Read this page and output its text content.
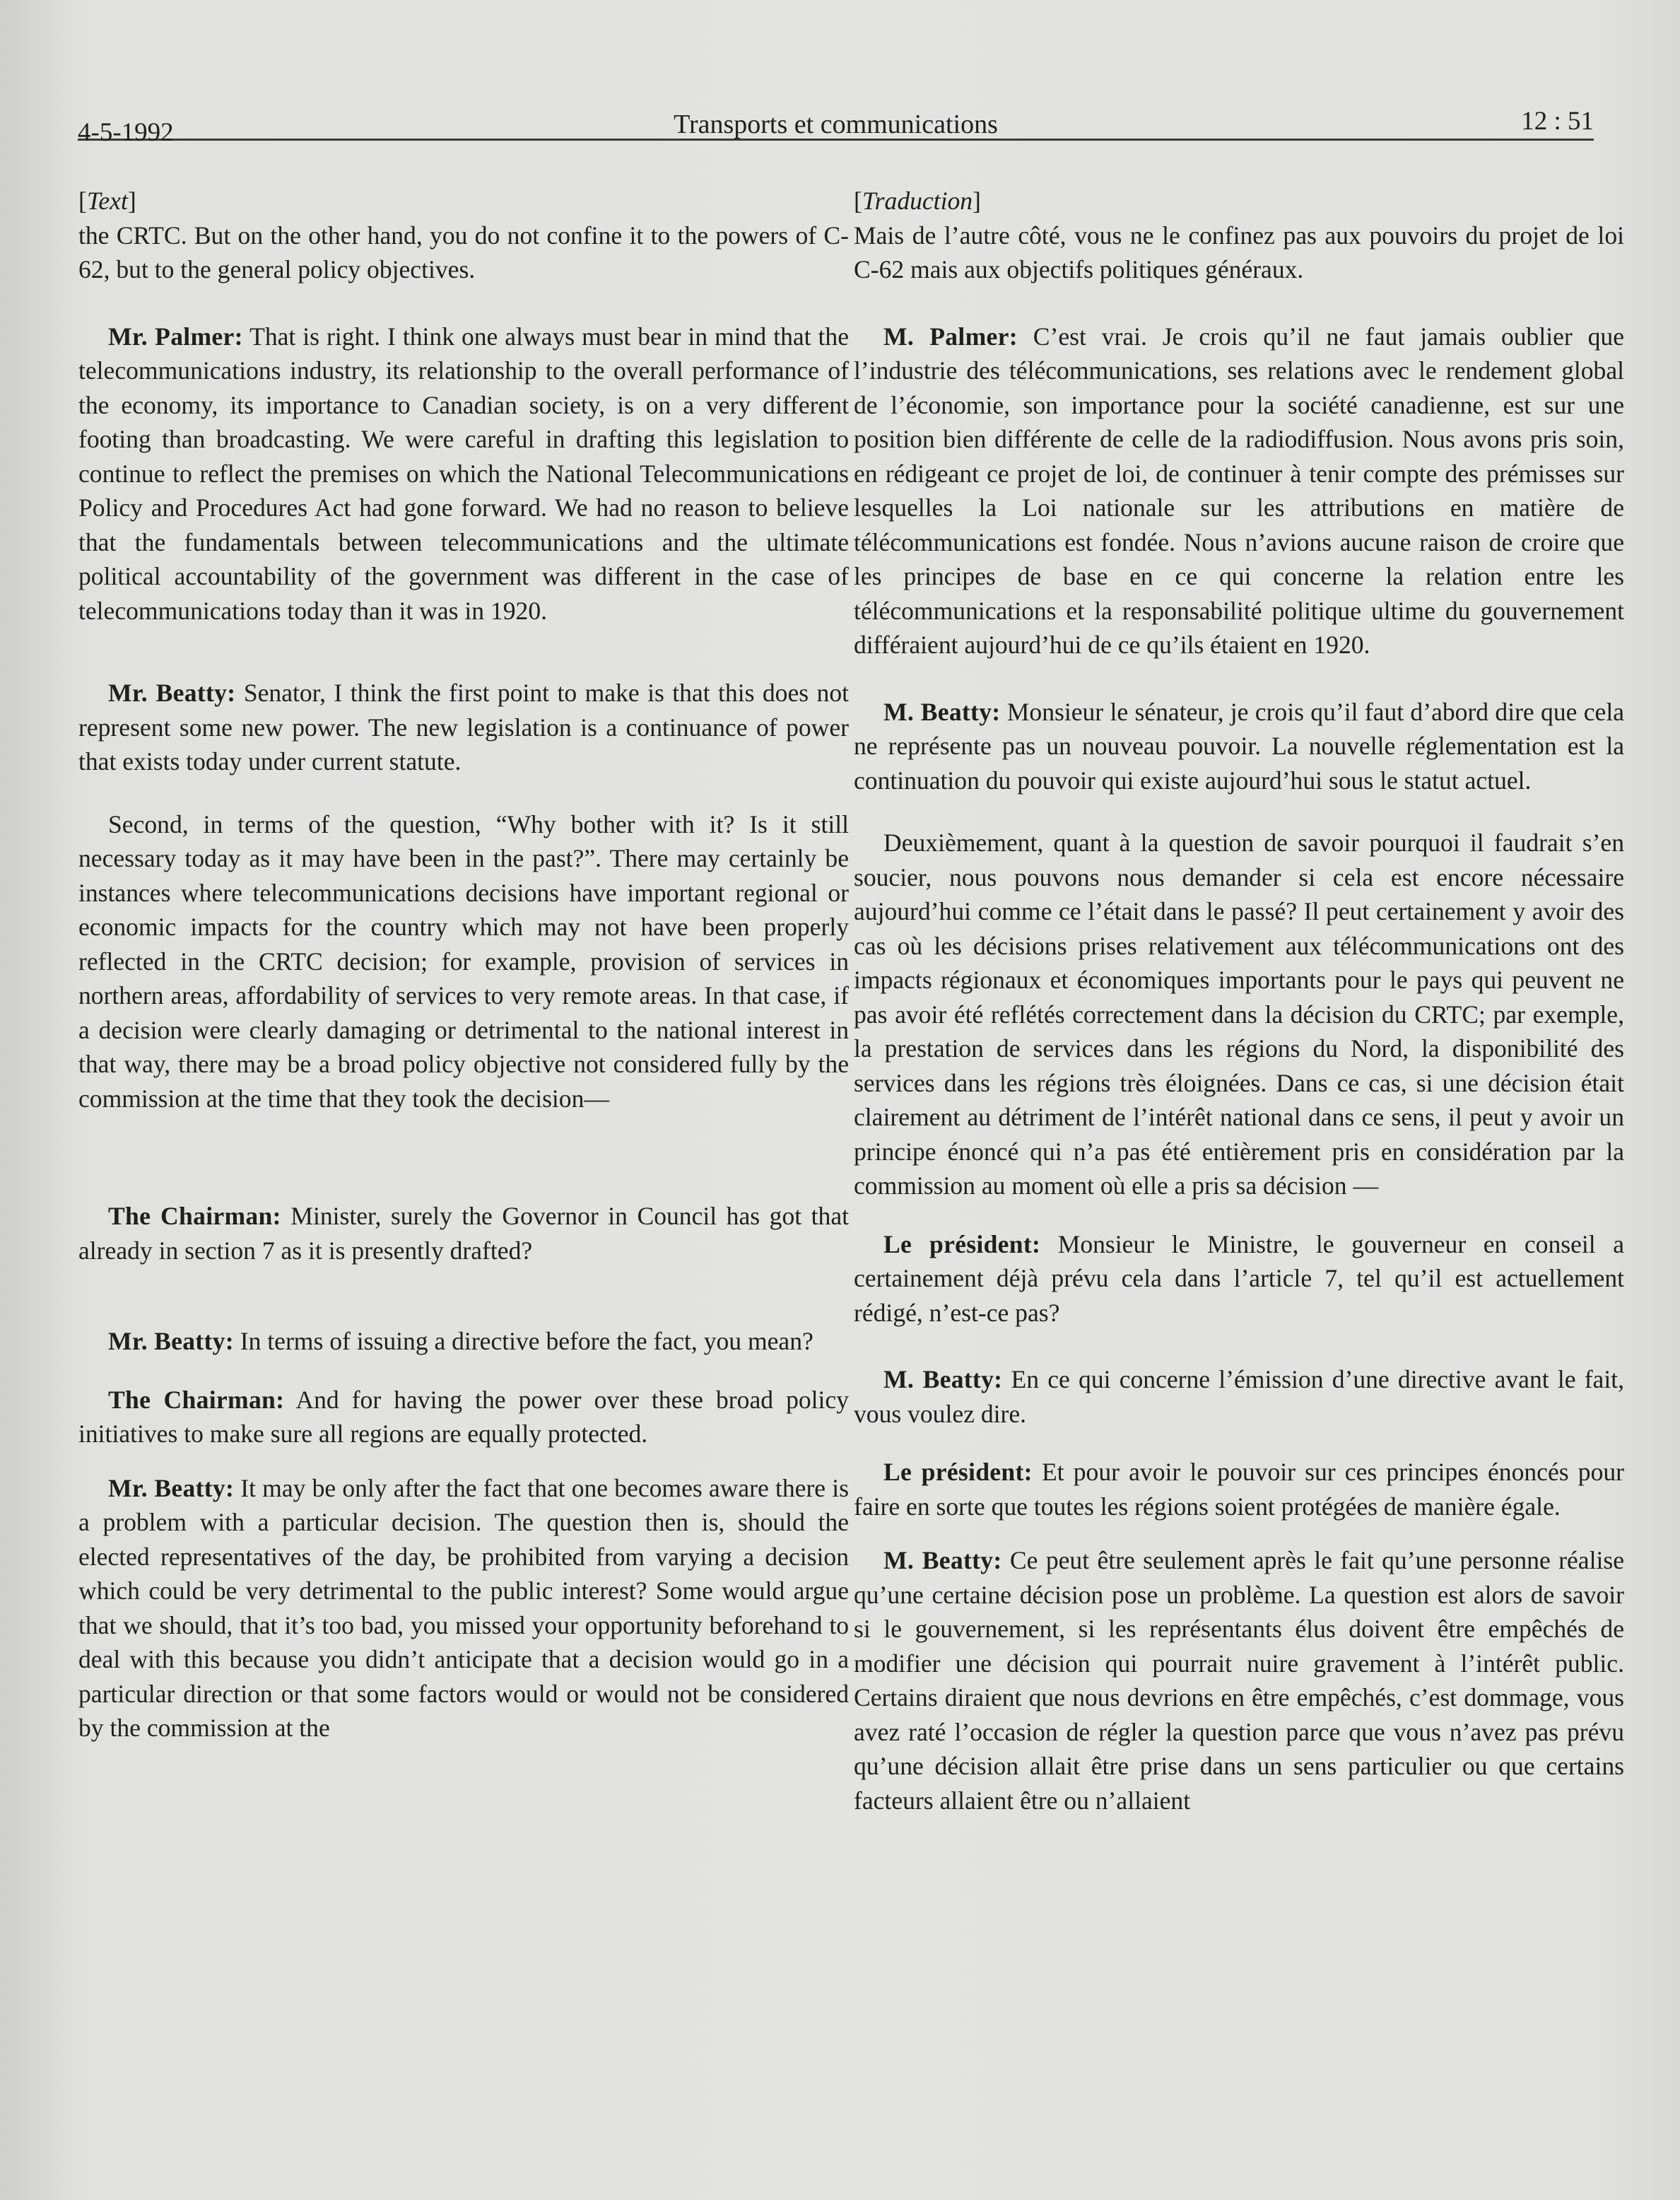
4-5-1992	Transports et communications	12 : 51

[Text]

the CRTC. But on the other hand, you do not confine it to the powers of C-62, but to the general policy objectives.

Mr. Palmer: That is right. I think one always must bear in mind that the telecommunications industry, its relationship to the overall performance of the economy, its importance to Canadian society, is on a very different footing than broadcasting. We were careful in drafting this legislation to continue to reflect the premises on which the National Telecommunications Policy and Procedures Act had gone forward. We had no reason to believe that the fundamentals between telecommunications and the ultimate political accountability of the government was different in the case of telecommunications today than it was in 1920.

Mr. Beatty: Senator, I think the first point to make is that this does not represent some new power. The new legislation is a continuance of power that exists today under current statute.

Second, in terms of the question, “Why bother with it? Is it still necessary today as it may have been in the past?”. There may certainly be instances where telecommunications decisions have important regional or economic impacts for the country which may not have been properly reflected in the CRTC decision; for example, provision of services in northern areas, affordability of services to very remote areas. In that case, if a decision were clearly damaging or detrimental to the national interest in that way, there may be a broad policy objective not considered fully by the commission at the time that they took the decision—

The Chairman: Minister, surely the Governor in Council has got that already in section 7 as it is presently drafted?

Mr. Beatty: In terms of issuing a directive before the fact, you mean?

The Chairman: And for having the power over these broad policy initiatives to make sure all regions are equally protected.

Mr. Beatty: It may be only after the fact that one becomes aware there is a problem with a particular decision. The question then is, should the elected representatives of the day, be prohibited from varying a decision which could be very detrimental to the public interest? Some would argue that we should, that it’s too bad, you missed your opportunity beforehand to deal with this because you didn’t anticipate that a decision would go in a particular direction or that some factors would or would not be considered by the commission at the

[Traduction]

Mais de l’autre côté, vous ne le confinez pas aux pouvoirs du projet de loi C-62 mais aux objectifs politiques généraux.

M. Palmer: C’est vrai. Je crois qu’il ne faut jamais oublier que l’industrie des télécommunications, ses relations avec le rendement global de l’économie, son importance pour la société canadienne, est sur une position bien différente de celle de la radiodiffusion. Nous avons pris soin, en rédigeant ce projet de loi, de continuer à tenir compte des prémisses sur lesquelles la Loi nationale sur les attributions en matière de télécommunications est fondée. Nous n’avions aucune raison de croire que les principes de base en ce qui concerne la relation entre les télécommunications et la responsabilité politique ultime du gouvernement différaient aujourd’hui de ce qu’ils étaient en 1920.

M. Beatty: Monsieur le sénateur, je crois qu’il faut d’abord dire que cela ne représente pas un nouveau pouvoir. La nouvelle réglementation est la continuation du pouvoir qui existe aujourd’hui sous le statut actuel.

Deuxièmement, quant à la question de savoir pourquoi il faudrait s’en soucier, nous pouvons nous demander si cela est encore nécessaire aujourd’hui comme ce l’était dans le passé? Il peut certainement y avoir des cas où les décisions prises relativement aux télécommunications ont des impacts régionaux et économiques importants pour le pays qui peuvent ne pas avoir été reflétés correctement dans la décision du CRTC; par exemple, la prestation de services dans les régions du Nord, la disponibilité des services dans les régions très éloignées. Dans ce cas, si une décision était clairement au détriment de l’intérêt national dans ce sens, il peut y avoir un principe énoncé qui n’a pas été entièrement pris en considération par la commission au moment où elle a pris sa décision —

Le président: Monsieur le Ministre, le gouverneur en conseil a certainement déjà prévu cela dans l’article 7, tel qu’il est actuellement rédigé, n’est-ce pas?

M. Beatty: En ce qui concerne l’émission d’une directive avant le fait, vous voulez dire.

Le président: Et pour avoir le pouvoir sur ces principes énoncés pour faire en sorte que toutes les régions soient protégées de manière égale.

M. Beatty: Ce peut être seulement après le fait qu’une personne réalise qu’une certaine décision pose un problème. La question est alors de savoir si le gouvernement, si les représentants élus doivent être empêchés de modifier une décision qui pourrait nuire gravement à l’intérêt public. Certains diraient que nous devrions en être empêchés, c’est dommage, vous avez raté l’occasion de régler la question parce que vous n’avez pas prévu qu’une décision allait être prise dans un sens particulier ou que certains facteurs allaient être ou n’allaient
